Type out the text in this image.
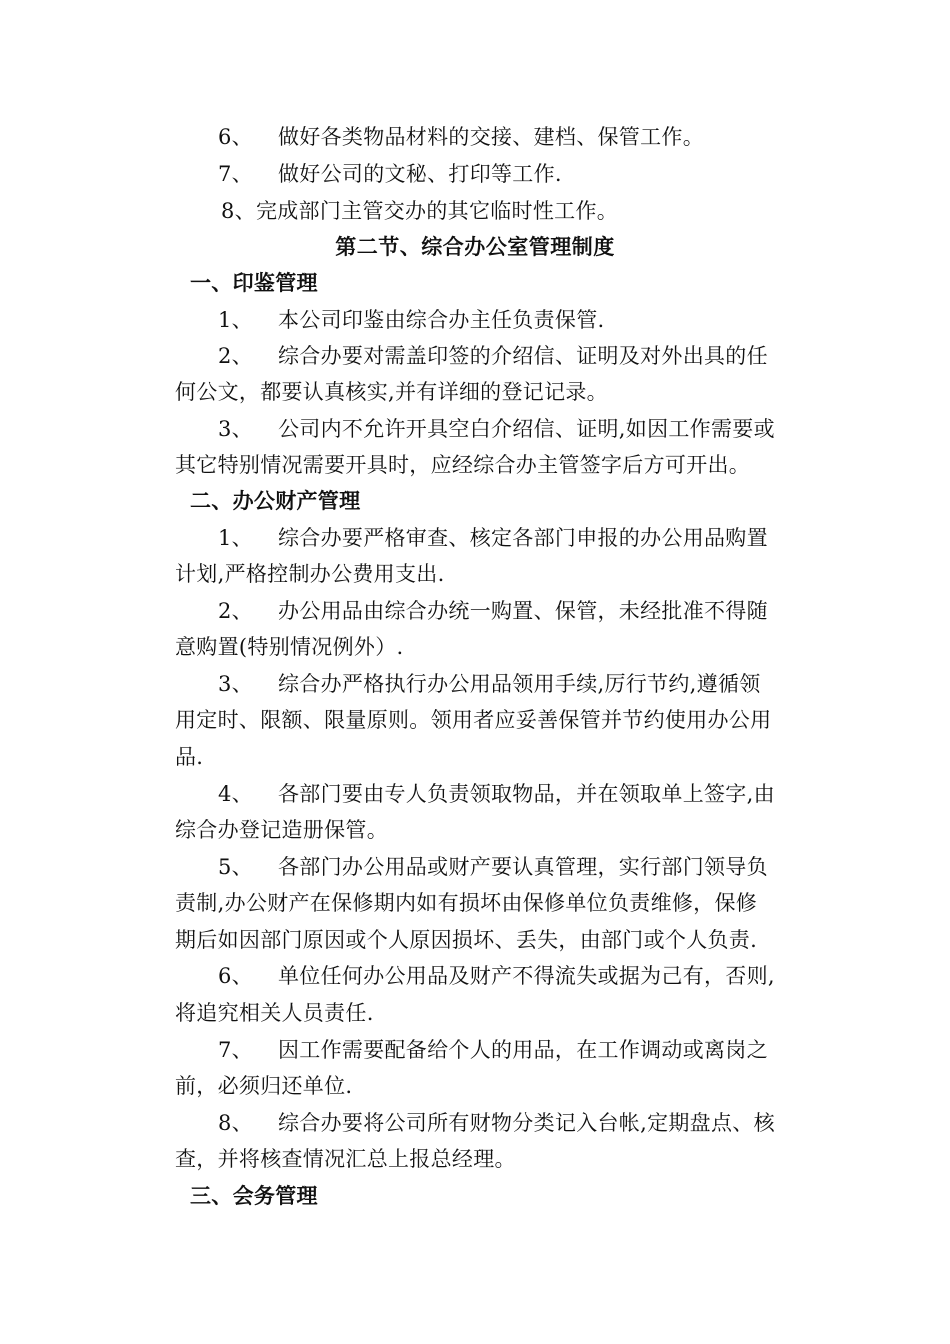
6、 做好各类物品材料的交接、建档、保管工作。
7、 做好公司的文秘、打印等工作.
8、完成部门主管交办的其它临时性工作。
第二节、综合办公室管理制度
一、印鉴管理
1、 本公司印鉴由综合办主任负责保管.
2、 综合办要对需盖印签的介绍信、证明及对外出具的任
何公文，都要认真核实,并有详细的登记记录。
3、 公司内不允许开具空白介绍信、证明,如因工作需要或
其它特别情况需要开具时，应经综合办主管签字后方可开出。
二、办公财产管理
1、 综合办要严格审查、核定各部门申报的办公用品购置
计划,严格控制办公费用支出.
2、 办公用品由综合办统一购置、保管，未经批准不得随
意购置(特别情况例外）.
3、 综合办严格执行办公用品领用手续,厉行节约,遵循领
用定时、限额、限量原则。领用者应妥善保管并节约使用办公用
品.
4、 各部门要由专人负责领取物品，并在领取单上签字,由
综合办登记造册保管。
5、 各部门办公用品或财产要认真管理，实行部门领导负
责制,办公财产在保修期内如有损坏由保修单位负责维修，保修
期后如因部门原因或个人原因损坏、丢失，由部门或个人负责.
6、 单位任何办公用品及财产不得流失或据为己有，否则,
将追究相关人员责任.
7、 因工作需要配备给个人的用品，在工作调动或离岗之
前，必须归还单位.
8、 综合办要将公司所有财物分类记入台帐,定期盘点、核
查，并将核查情况汇总上报总经理。
三、会务管理
